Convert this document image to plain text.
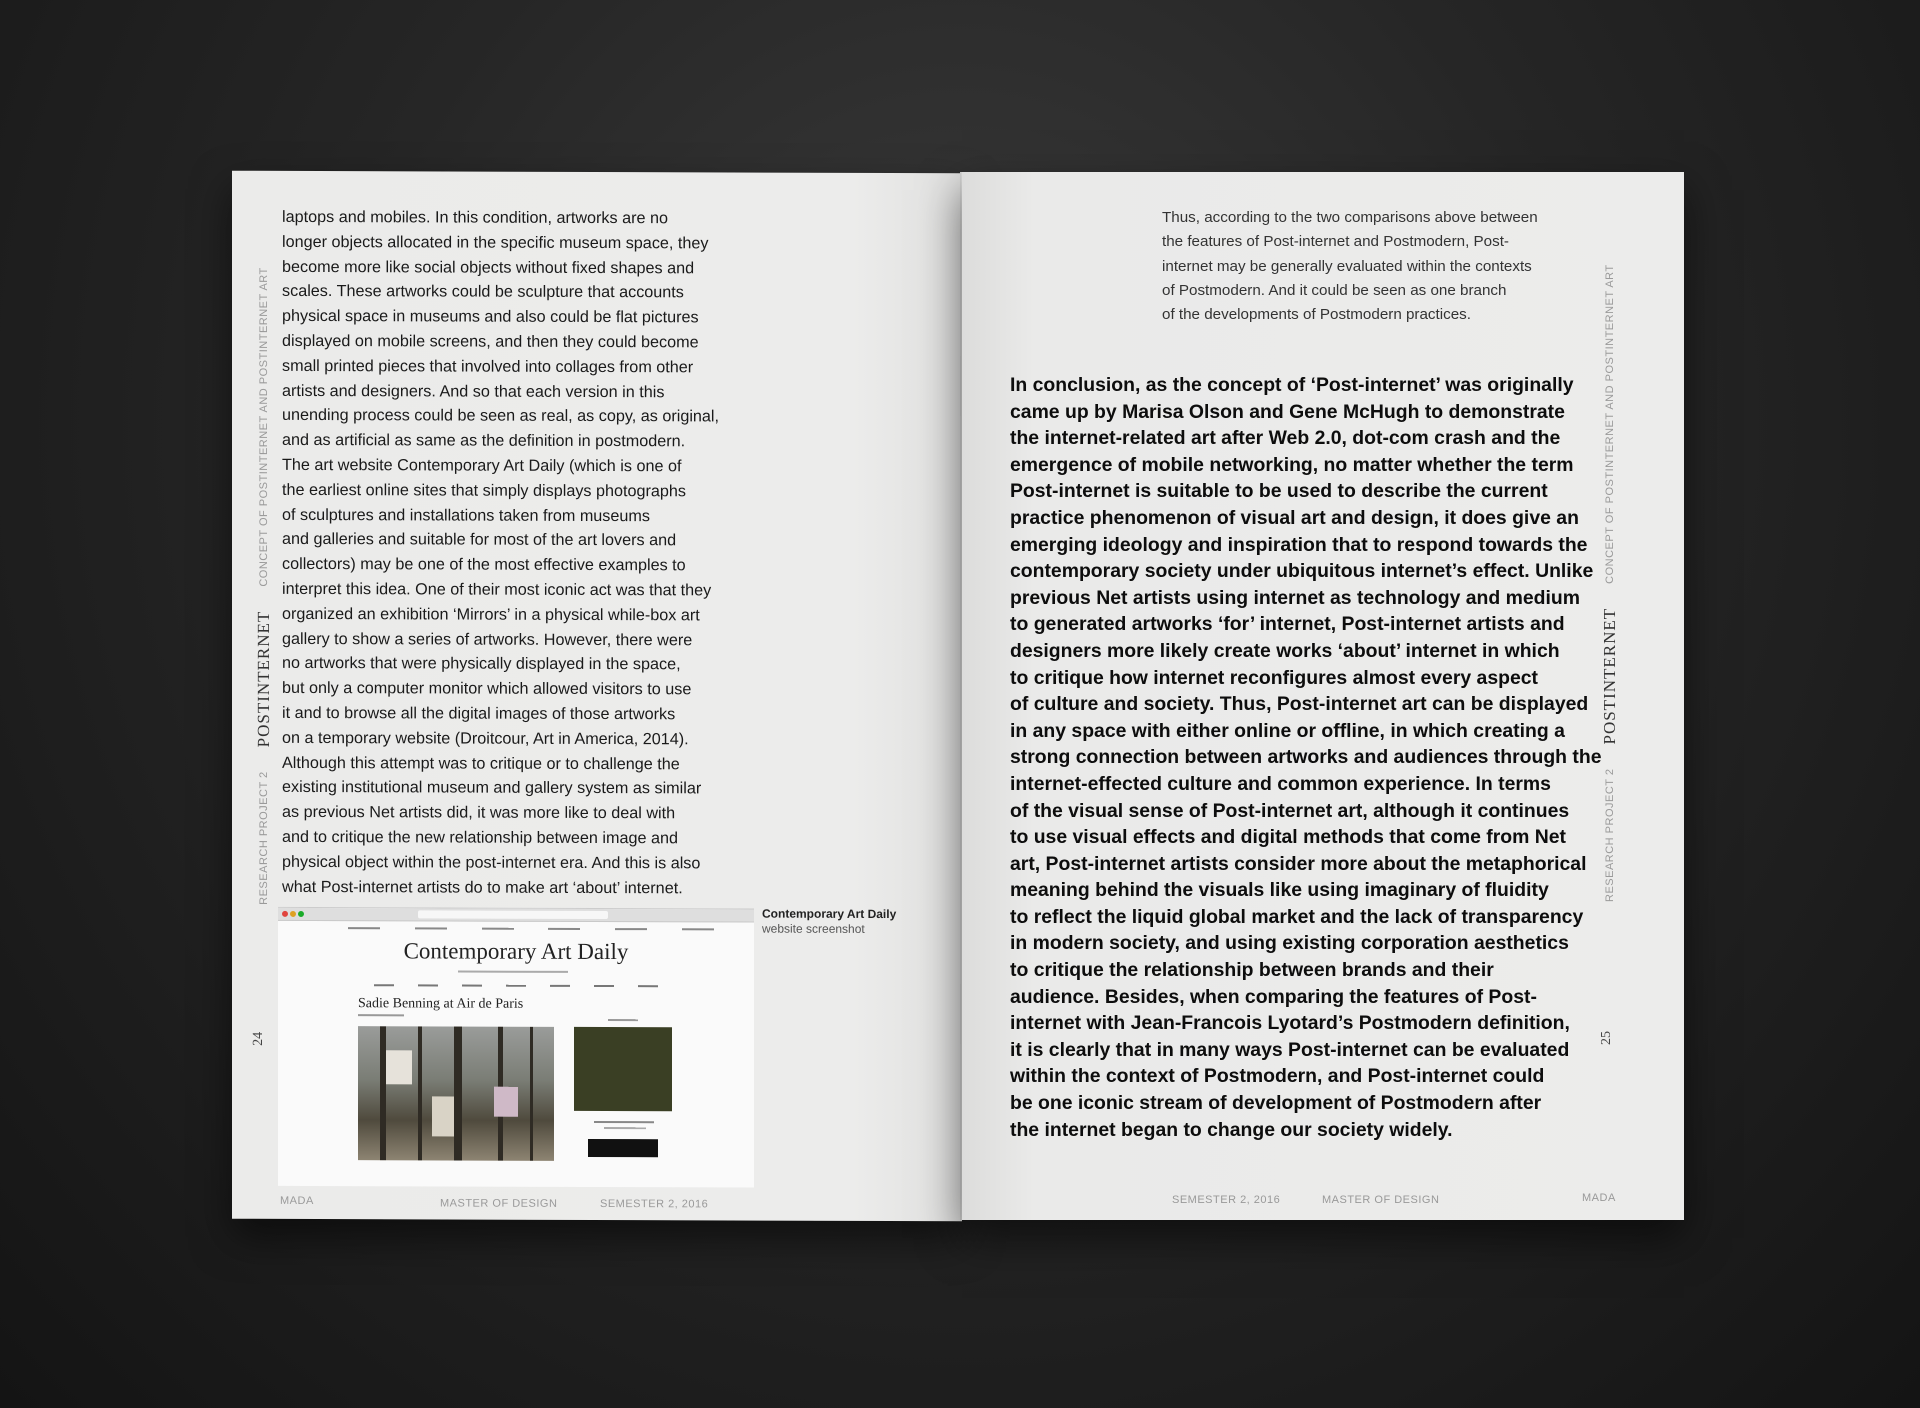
RESEARCH PROJECT 2
POSTINTERNET
CONCEPT OF POSTINTERNET AND POSTINTERNET ART
24
laptops and mobiles. In this condition, artworks are no
longer objects allocated in the specific museum space, they
become more like social objects without fixed shapes and
scales. These artworks could be sculpture that accounts
physical space in museums and also could be flat pictures
displayed on mobile screens, and then they could become
small printed pieces that involved into collages from other
artists and designers. And so that each version in this
unending process could be seen as real, as copy, as original,
and as artificial as same as the definition in postmodern.
The art website Contemporary Art Daily (which is one of
the earliest online sites that simply displays photographs
of sculptures and installations taken from museums
and galleries and suitable for most of the art lovers and
collectors) may be one of the most effective examples to
interpret this idea. One of their most iconic act was that they
organized an exhibition ‘Mirrors’ in a physical while-box art
gallery to show a series of artworks. However, there were
no artworks that were physically displayed in the space,
but only a computer monitor which allowed visitors to use
it and to browse all the digital images of those artworks
on a temporary website (Droitcour, Art in America, 2014).
Although this attempt was to critique or to challenge the
existing institutional museum and gallery system as similar
as previous Net artists did, it was more like to deal with
and to critique the new relationship between image and
physical object within the post-internet era. And this is also
what Post-internet artists do to make art ‘about’ internet.
Contemporary Art Daily
Sadie Benning at Air de Paris
Contemporary Art Daily
website screenshot
MADA	MASTER OF DESIGN	SEMESTER 2, 2016
Thus, according to the two comparisons above between
the features of Post-internet and Postmodern, Post-
internet may be generally evaluated within the contexts
of Postmodern. And it could be seen as one branch
of the developments of Postmodern practices.
In conclusion, as the concept of ‘Post-internet’ was originally
came up by Marisa Olson and Gene McHugh to demonstrate
the internet-related art after Web 2.0, dot-com crash and the
emergence of mobile networking, no matter whether the term
Post-internet is suitable to be used to describe the current
practice phenomenon of visual art and design, it does give an
emerging ideology and inspiration that to respond towards the
contemporary society under ubiquitous internet’s effect. Unlike
previous Net artists using internet as technology and medium
to generated artworks ‘for’ internet, Post-internet artists and
designers more likely create works ‘about’ internet in which
to critique how internet reconfigures almost every aspect
of culture and society. Thus, Post-internet art can be displayed
in any space with either online or offline, in which creating a
strong connection between artworks and audiences through the
internet-effected culture and common experience. In terms
of the visual sense of Post-internet art, although it continues
to use visual effects and digital methods that come from Net
art, Post-internet artists consider more about the metaphorical
meaning behind the visuals like using imaginary of fluidity
to reflect the liquid global market and the lack of transparency
in modern society, and using existing corporation aesthetics
to critique the relationship between brands and their
audience. Besides, when comparing the features of Post-
internet with Jean-Francois Lyotard’s Postmodern definition,
it is clearly that in many ways Post-internet can be evaluated
within the context of Postmodern, and Post-internet could
be one iconic stream of development of Postmodern after
the internet began to change our society widely.
RESEARCH PROJECT 2
POSTINTERNET
CONCEPT OF POSTINTERNET AND POSTINTERNET ART
25
SEMESTER 2, 2016	MASTER OF DESIGN	MADA
